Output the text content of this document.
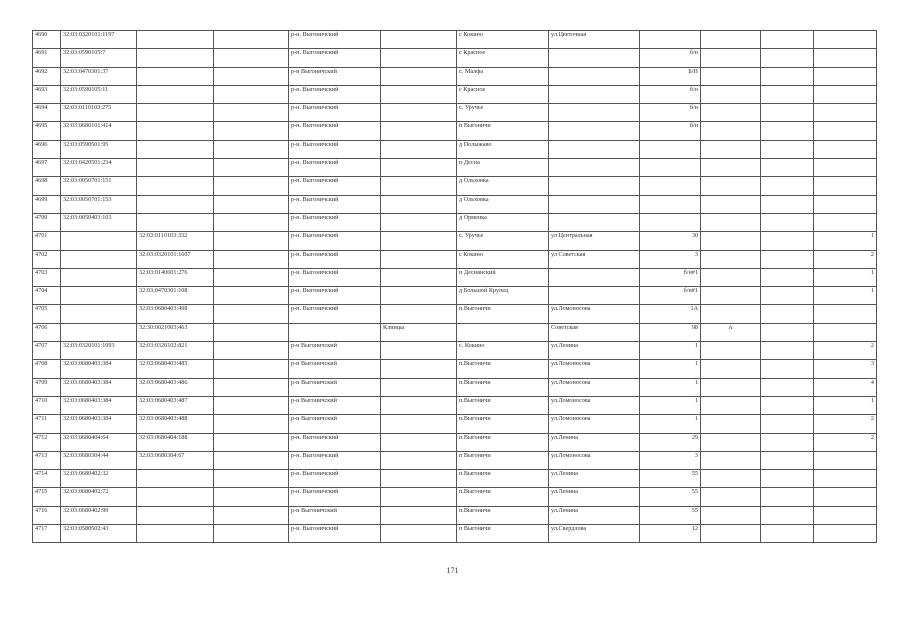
4690	32:03:0320101:1197			р-н. Выгоничский		с Кокино	ул.Цветочная				
4691	32:03:0590105:7			р-н. Выгоничский		с Красное		б/н			
4692	32:03:0470301:37			р-н Выгоничский		с. Малфа		Б/Н			
4693	32:03:0590105:11			р-н. Выгоничский		с Красное		б/н			
4694	32:03:0110103:275			р-н. Выгоничский		с. Уручье		б/н			
4695	32:03:0680101:414			р-н. Выгоничский		п Выгоничи		б/н			
4696	32:03:0590501:95			р-н. Выгоничский		д Полыжаво					
4697	32:03:0420501:234			р-н. Выгоничский		п Десна					
4698	32:03:0050701:151			р-н. Выгоничский		д Ольховка					
4699	32:03:0050701:153			р-н. Выгоничский		д Ольховка					
4700	32:03:0050403:103			р-н. Выгоничский		д Орменка					
4701		32:03:0110103:332		р-н. Выгоничский		с. Уручье	ул Центральная	30			1
4702		32:03:0320101:1607		р-н. Выгоничский		с Кокино	ул Советская	3			2
4703		32:03:0140601:276		р-н. Выгоничский		п Деснянский		б/н#1			1
4704		32:03:0470301:108		р-н. Выгоничский		д Большой Крупец		б/н#1			1
4705		32:03:0680403:498		р-н. Выгоничский		п.Выгоничи	ул.Ломоносова	1А			
4706		32:30:0021003:463			Клинцы		Советская	98	А		
4707	32:03:0320101:1093	32:03:0320102:821		р-н Выгоничский		с. Кокино	ул.Ленина	1			2
4708	32:03:0680403:384	32:03:0680403:485		р-н Выгоничский		п.Выгоничи	ул.Ломоносова	1			3
4709	32:03:0680403:384	32:03:0680403:486		р-н Выгоничский		п.Выгоничи	ул.Ломоносова	1			4
4710	32:03:0680403:384	32:03:0680403:487		р-н Выгоничский		п.Выгоничи	ул.Ломоносова	1			1
4711	32:03:0680403:384	32:03:0680403:488		р-н Выгоничский		п.Выгоничи	ул.Ломоносова	1			2
4712	32:03:0680404:64	32:03:0680404:188		р-н. Выгоничский		п.Выгоничи	ул.Ленина	29			2
4713	32:03:0680304:44	32:03:0680304:67		р-н. Выгоничский		п Выгоничи	ул.Ломоносова	3			
4714	32:03:0680402:32			р-н. Выгоничский		п.Выгоничи	ул.Ленина	55			
4715	32:03:0680402:72			р-н. Выгоничский		п.Выгоничи	ул.Ленина	55			
4716	32:03:0680402:99			р-н Выгоничский		п.Выгоничи	ул.Ленина	55			
4717	32:03:0580502:43			р-н. Выгоничский		п Выгоничи	ул.Свердлова	12			
171
